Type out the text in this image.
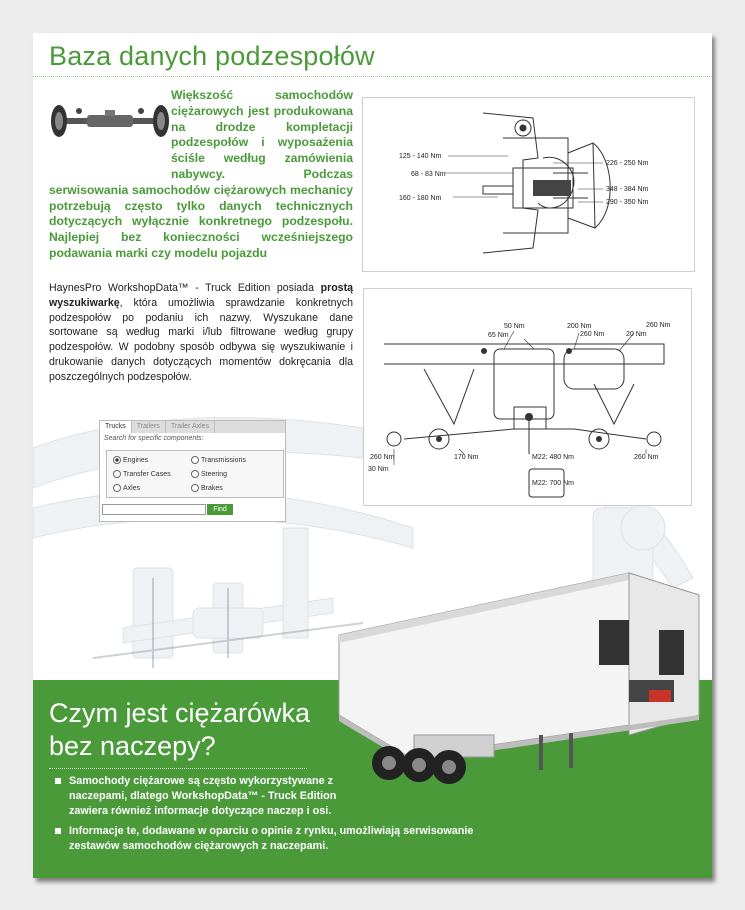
Baza danych podzespołów
Większość samochodów ciężarowych jest produkowana na drodze kompletacji podzespołów i wyposażenia ściśle według zamówienia nabywcy. Podczas serwisowania samochodów ciężarowych mechanicy potrzebują często tylko danych technicznych dotyczących wyłącznie konkretnego podzespołu. Najlepiej bez konieczności wcześniejszego podawania marki czy modelu pojazdu
HaynesPro WorkshopData™ - Truck Edition posiada prostą wyszukiwarkę, która umożliwia sprawdzanie konkretnych podzespołów po podaniu ich nazwy. Wyszukane dane sortowane są według marki i/lub filtrowane według grupy podzespołów. W podobny sposób odbywa się wyszukiwanie i drukowanie danych dotyczących momentów dokręcania dla poszczególnych podzespołów.
125 - 140 Nm
68 - 83 Nm
160 - 180 Nm
226 - 250 Nm
348 - 384 Nm
290 - 350 Nm
65 Nm
50 Nm	200 Nm
260 Nm	20 Nm
260 Nm
260 Nm	170 Nm
30 Nm
260 Nm
M22: 480 Nm
M22: 700 Nm
Trucks	Trailers	Trailer Axles
Search for specific components:
Engines	Transmissions
Transfer Cases	Steering
Axles	Brakes
Find
Czym jest ciężarówka
bez naczepy?
Samochody ciężarowe są często wykorzystywane z naczepami, dlatego WorkshopData™ - Truck Edition zawiera również informacje dotyczące naczep i osi.
Informacje te, dodawane w oparciu o opinie z rynku, umożliwiają serwisowanie zestawów samochodów ciężarowych z naczepami.
